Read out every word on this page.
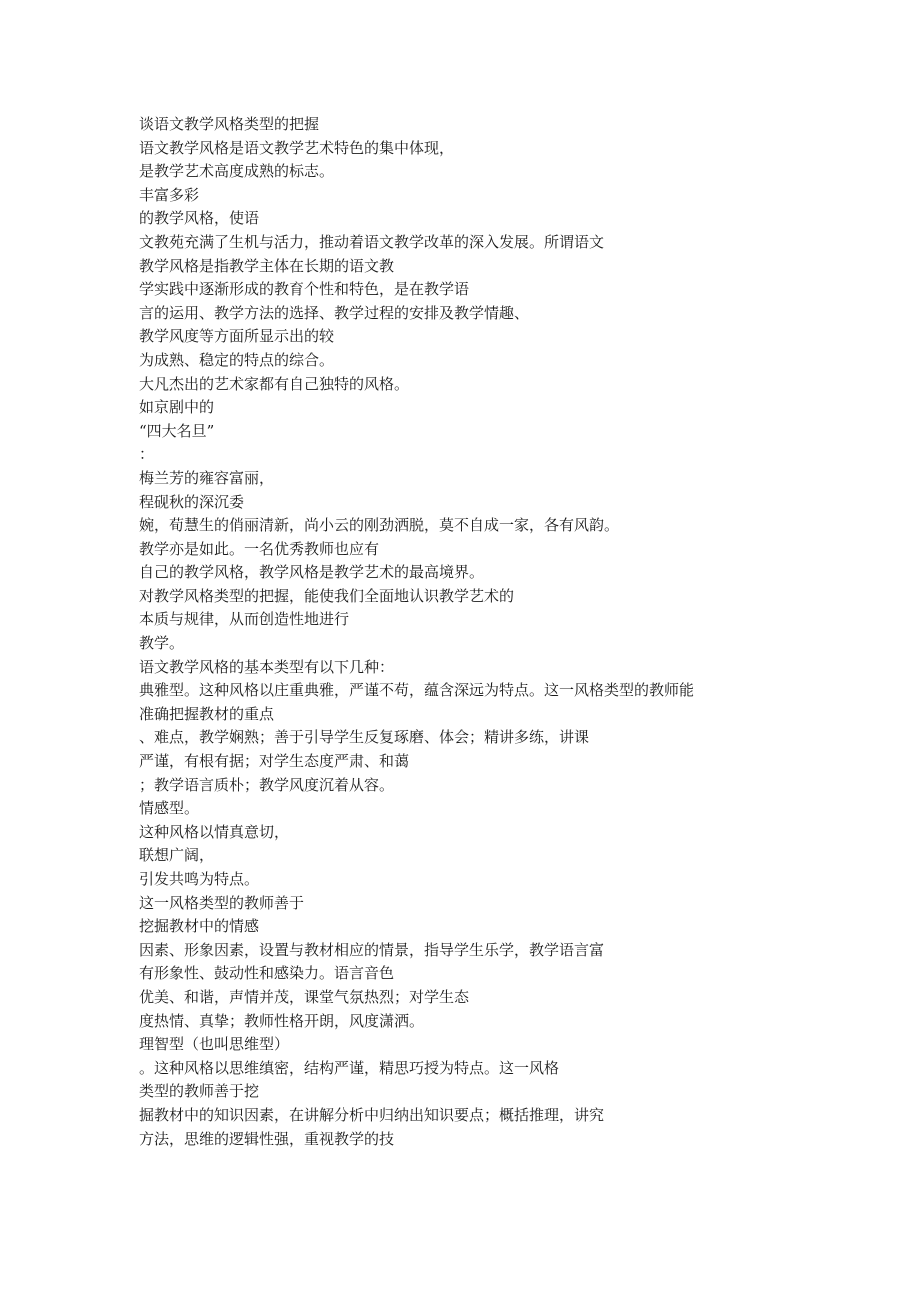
谈语文教学风格类型的把握
语文教学风格是语文教学艺术特色的集中体现，
是教学艺术高度成熟的标志。
丰富多彩
的教学风格，使语
文教苑充满了生机与活力，推动着语文教学改革的深入发展。所谓语文
教学风格是指教学主体在长期的语文教
学实践中逐渐形成的教育个性和特色，是在教学语
言的运用、教学方法的选择、教学过程的安排及教学情趣、
教学风度等方面所显示出的较
为成熟、稳定的特点的综合。
大凡杰出的艺术家都有自己独特的风格。
如京剧中的
“四大名旦”
：
梅兰芳的雍容富丽，
程砚秋的深沉委
婉，荀慧生的俏丽清新，尚小云的刚劲洒脱，莫不自成一家，各有风韵。
教学亦是如此。一名优秀教师也应有
自己的教学风格，教学风格是教学艺术的最高境界。
对教学风格类型的把握，能使我们全面地认识教学艺术的
本质与规律，从而创造性地进行
教学。
语文教学风格的基本类型有以下几种：
典雅型。这种风格以庄重典雅，严谨不苟，蕴含深远为特点。这一风格类型的教师能
准确把握教材的重点
、难点，教学娴熟；善于引导学生反复琢磨、体会；精讲多练，讲课
严谨，有根有据；对学生态度严肃、和蔼
；教学语言质朴；教学风度沉着从容。
情感型。
这种风格以情真意切，
联想广阔，
引发共鸣为特点。
这一风格类型的教师善于
挖掘教材中的情感
因素、形象因素，设置与教材相应的情景，指导学生乐学，教学语言富
有形象性、鼓动性和感染力。语言音色
优美、和谐，声情并茂，课堂气氛热烈；对学生态
度热情、真挚；教师性格开朗，风度潇洒。
理智型（也叫思维型）
。这种风格以思维缜密，结构严谨，精思巧授为特点。这一风格
类型的教师善于挖
掘教材中的知识因素，在讲解分析中归纳出知识要点；概括推理，讲究
方法，思维的逻辑性强，重视教学的技
